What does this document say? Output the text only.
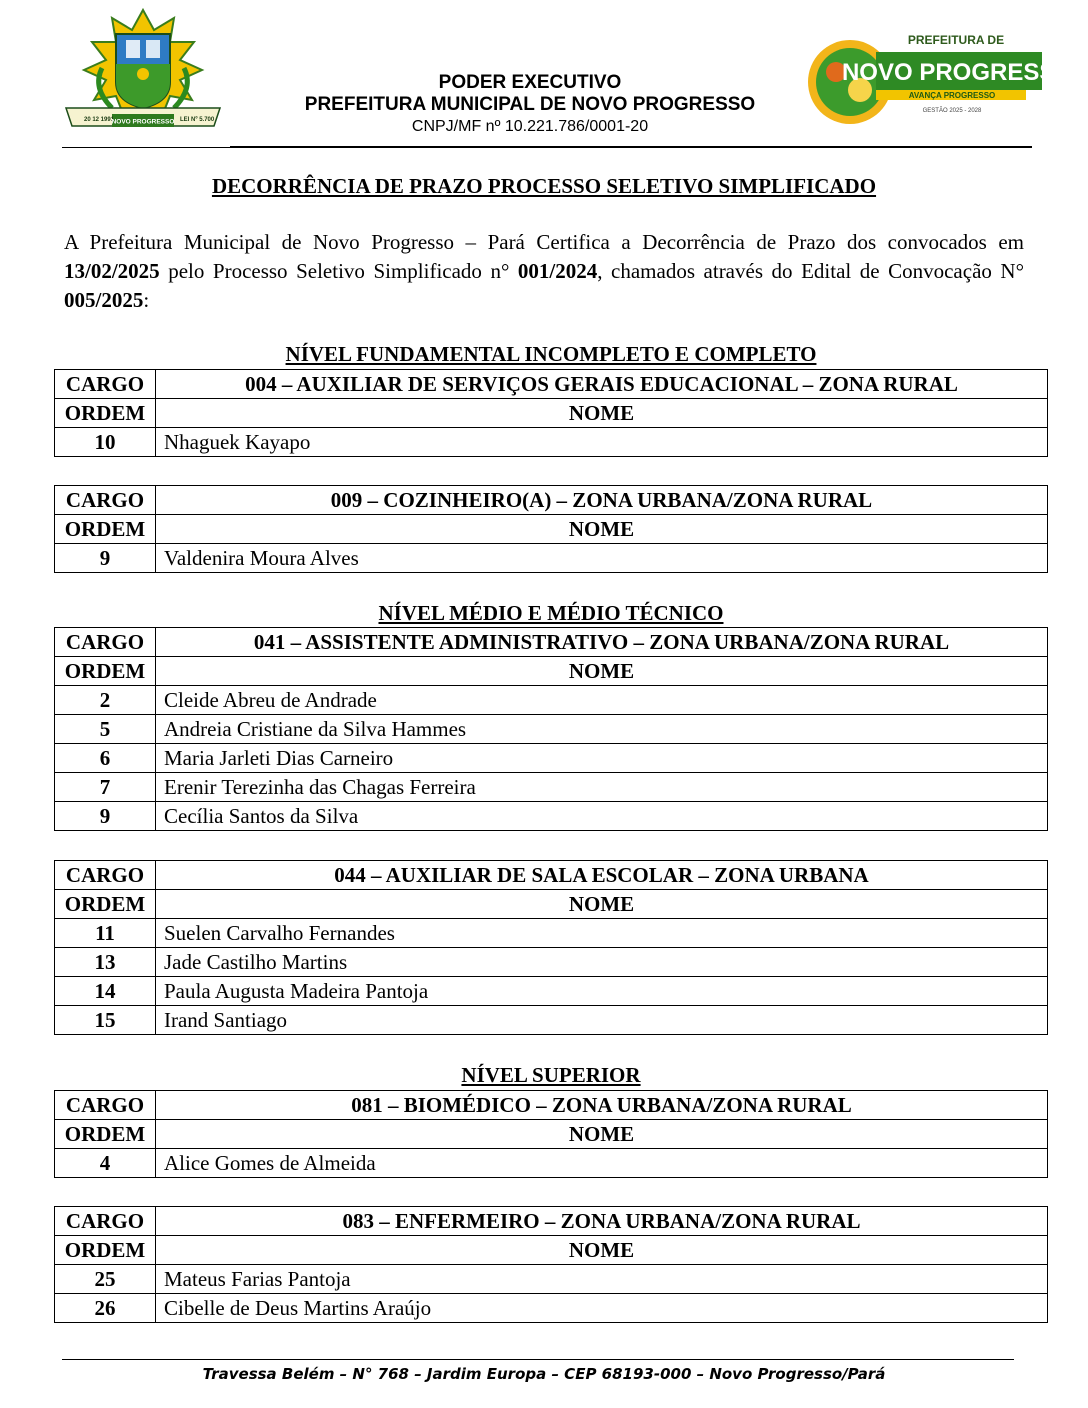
20 12 1991
NOVO PROGRESSO LEI Nº 5.700
PODER EXECUTIVO
PREFEITURA MUNICIPAL DE NOVO PROGRESSO
CNPJ/MF nº 10.221.786/0001-20
PREFEITURA DE
NOVO PROGRESSO
AVANÇA PROGRESSO
GESTÃO 2025 - 2028
DECORRÊNCIA DE PRAZO PROCESSO SELETIVO SIMPLIFICADO
A Prefeitura Municipal de Novo Progresso – Pará Certifica a Decorrência de Prazo dos convocados em 13/02/2025 pelo Processo Seletivo Simplificado n° 001/2024, chamados através do Edital de Convocação N° 005/2025:
NÍVEL FUNDAMENTAL INCOMPLETO E COMPLETO
CARGO	004 – AUXILIAR DE SERVIÇOS GERAIS EDUCACIONAL – ZONA RURAL
ORDEM	NOME
10	Nhaguek Kayapo
CARGO	009 – COZINHEIRO(A) – ZONA URBANA/ZONA RURAL
ORDEM	NOME
9	Valdenira Moura Alves
NÍVEL MÉDIO E MÉDIO TÉCNICO
CARGO	041 – ASSISTENTE ADMINISTRATIVO – ZONA URBANA/ZONA RURAL
ORDEM	NOME
2	Cleide Abreu de Andrade
5	Andreia Cristiane da Silva Hammes
6	Maria Jarleti Dias Carneiro
7	Erenir Terezinha das Chagas Ferreira
9	Cecília Santos da Silva
CARGO	044 – AUXILIAR DE SALA ESCOLAR – ZONA URBANA
ORDEM	NOME
11	Suelen Carvalho Fernandes
13	Jade Castilho Martins
14	Paula Augusta Madeira Pantoja
15	Irand Santiago
NÍVEL SUPERIOR
CARGO	081 – BIOMÉDICO – ZONA URBANA/ZONA RURAL
ORDEM	NOME
4	Alice Gomes de Almeida
CARGO	083 – ENFERMEIRO – ZONA URBANA/ZONA RURAL
ORDEM	NOME
25	Mateus Farias Pantoja
26	Cibelle de Deus Martins Araújo
Travessa Belém – N° 768 – Jardim Europa – CEP 68193-000 – Novo Progresso/Pará
